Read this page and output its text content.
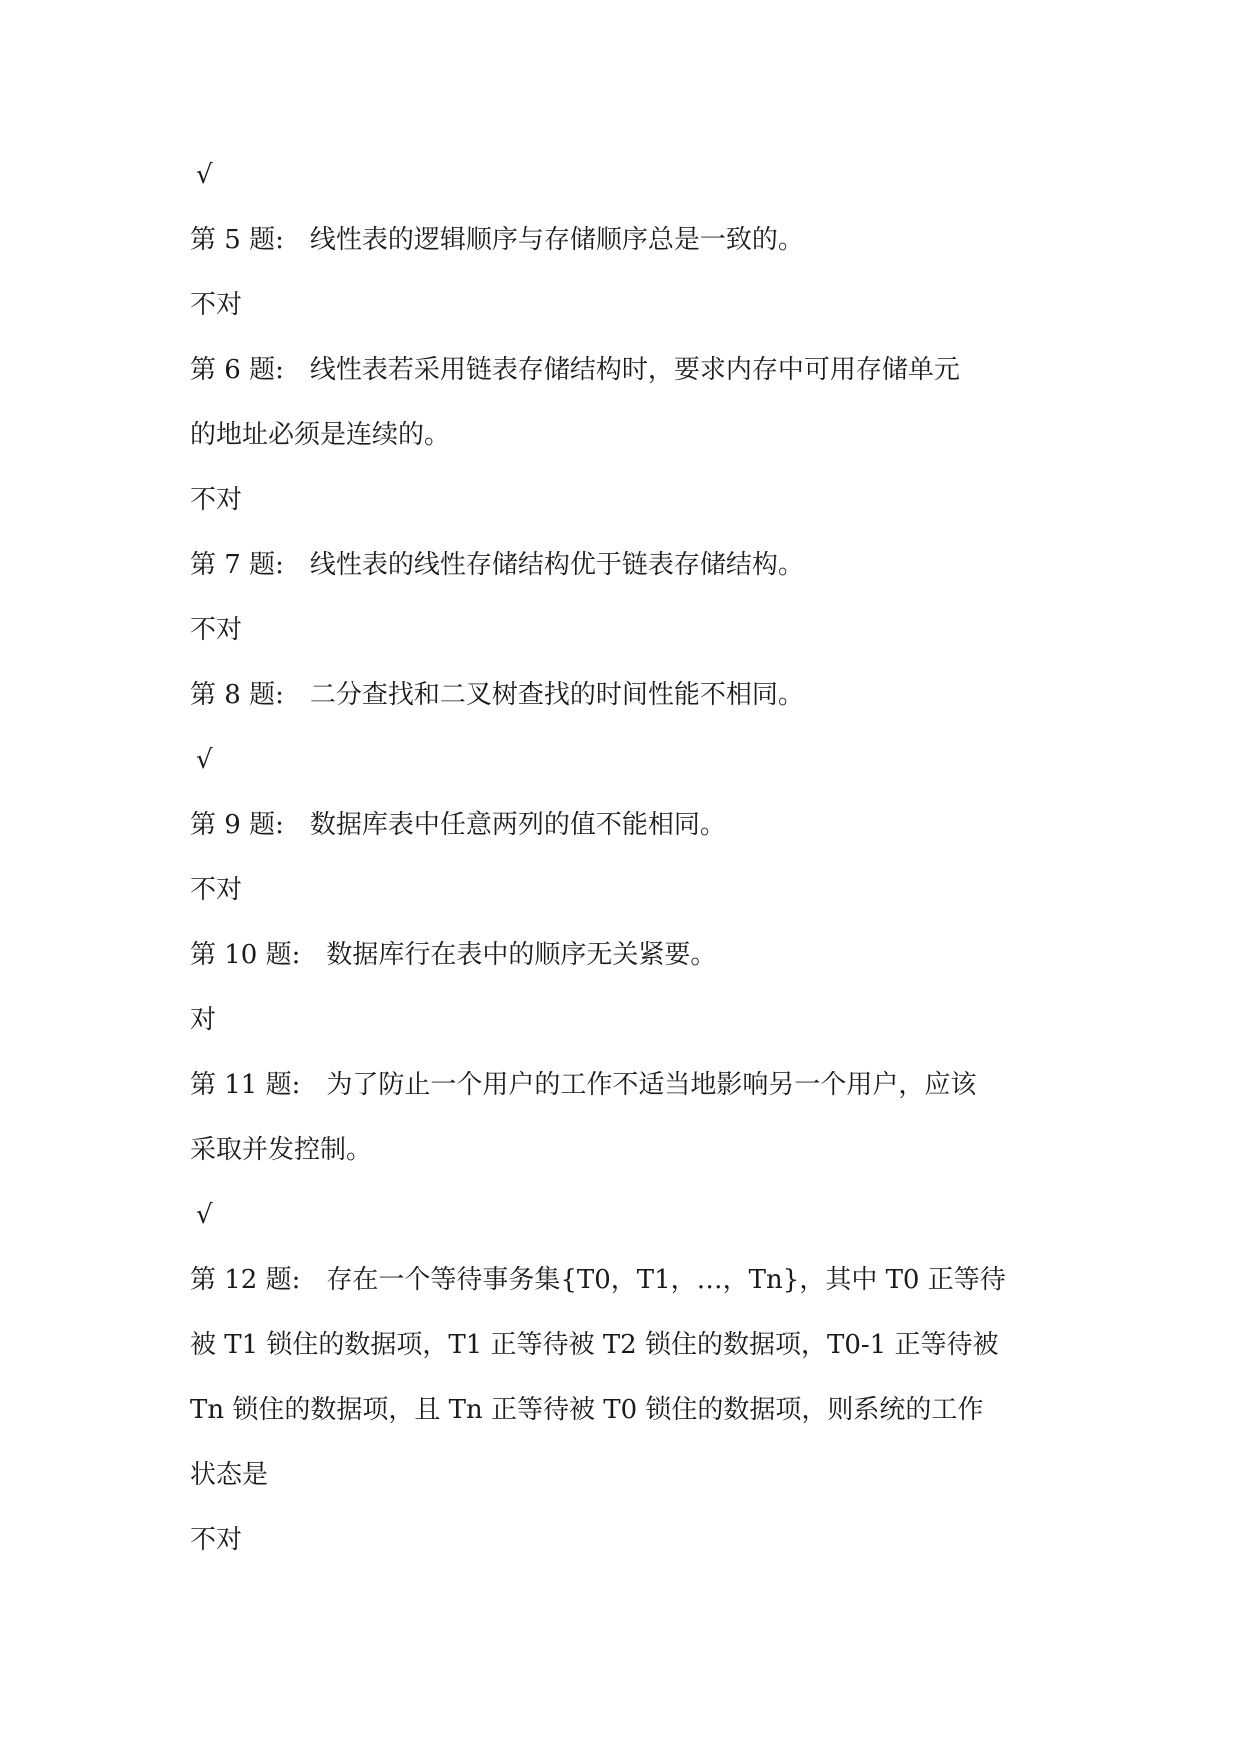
√
第 5 题: 线性表的逻辑顺序与存储顺序总是一致的。
不对
第 6 题: 线性表若采用链表存储结构时，要求内存中可用存储单元
的地址必须是连续的。
不对
第 7 题: 线性表的线性存储结构优于链表存储结构。
不对
第 8 题: 二分查找和二叉树查找的时间性能不相同。
√
第 9 题: 数据库表中任意两列的值不能相同。
不对
第 10 题: 数据库行在表中的顺序无关紧要。
对
第 11 题: 为了防止一个用户的工作不适当地影响另一个用户，应该
采取并发控制。
√
第 12 题: 存在一个等待事务集{T0，T1，…，Tn}，其中 T0 正等待
被 T1 锁住的数据项，T1 正等待被 T2 锁住的数据项，T0-1 正等待被
Tn 锁住的数据项，且 Tn 正等待被 T0 锁住的数据项，则系统的工作
状态是
不对
